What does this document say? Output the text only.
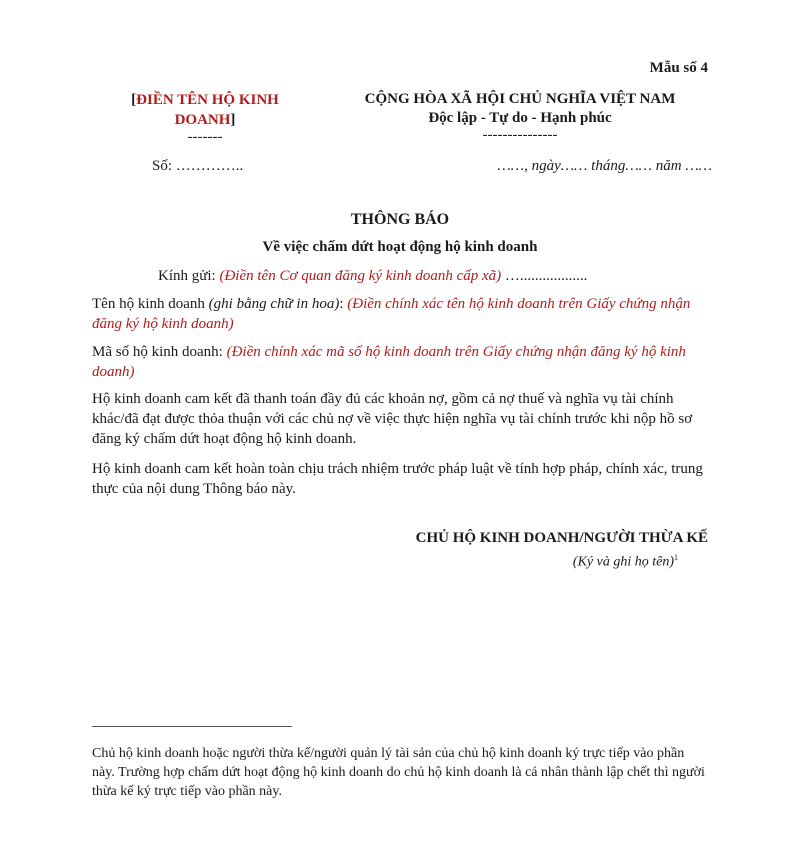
Mẫu số 4
[ĐIỀN TÊN HỘ KINH DOANH]
-------
CỘNG HÒA XÃ HỘI CHỦ NGHĨA VIỆT NAM
Độc lập - Tự do - Hạnh phúc
---------------
Số: …………..	……, ngày…… tháng…… năm ……
THÔNG BÁO
Về việc chấm dứt hoạt động hộ kinh doanh
Kính gửi: (Điền tên Cơ quan đăng ký kinh doanh cấp xã) …..................

Tên hộ kinh doanh (ghi bằng chữ in hoa): (Điền chính xác tên hộ kinh doanh trên Giấy chứng nhận đăng ký hộ kinh doanh)

Mã số hộ kinh doanh: (Điền chính xác mã số hộ kinh doanh trên Giấy chứng nhận đăng ký hộ kinh doanh)

Hộ kinh doanh cam kết đã thanh toán đầy đủ các khoản nợ, gồm cả nợ thuế và nghĩa vụ tài chính khác/đã đạt được thỏa thuận với các chủ nợ về việc thực hiện nghĩa vụ tài chính trước khi nộp hồ sơ đăng ký chấm dứt hoạt động hộ kinh doanh.

Hộ kinh doanh cam kết hoàn toàn chịu trách nhiệm trước pháp luật về tính hợp pháp, chính xác, trung thực của nội dung Thông báo này.

CHỦ HỘ KINH DOANH/NGƯỜI THỪA KẾ
(Ký và ghi họ tên)$^1$

Chủ hộ kinh doanh hoặc người thừa kế/người quản lý tài sản của chủ hộ kinh doanh ký trực tiếp vào phần này. Trường hợp chấm dứt hoạt động hộ kinh doanh do chủ hộ kinh doanh là cá nhân thành lập chết thì người thừa kế ký trực tiếp vào phần này.
